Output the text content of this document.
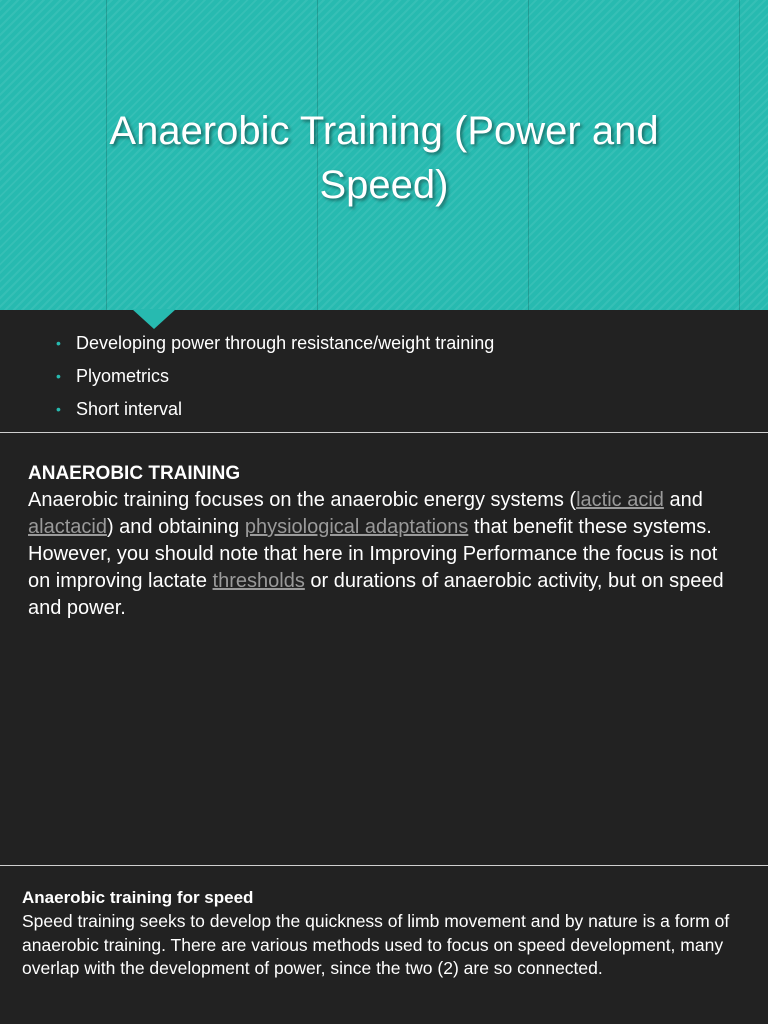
Anaerobic Training (Power and Speed)
• Developing power through resistance/weight training
• Plyometrics
• Short interval
ANAEROBIC TRAINING
Anaerobic training focuses on the anaerobic energy systems (lactic acid and alactacid) and obtaining physiological adaptations that benefit these systems. However, you should note that here in Improving Performance the focus is not on improving lactate thresholds or durations of anaerobic activity, but on speed and power.
Anaerobic training for speed
Speed training seeks to develop the quickness of limb movement and by nature is a form of anaerobic training. There are various methods used to focus on speed development, many overlap with the development of power, since the two (2) are so connected.
